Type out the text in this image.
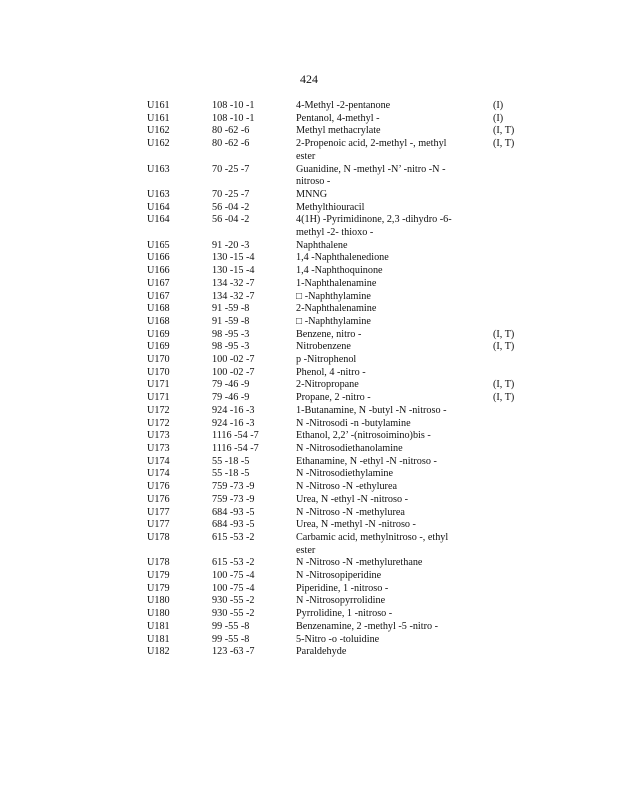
424
U161	108 -10 -1	4-Methyl -2-pentanone	(I)
U161	108 -10 -1	Pentanol, 4-methyl -	(I)
U162	80 -62 -6	Methyl methacrylate	(I, T)
U162	80 -62 -6	2-Propenoic acid, 2-methyl -, methyl ester	(I, T)
U163	70 -25 -7	Guanidine, N -methyl -N’ -nitro -N - nitroso -	
U163	70 -25 -7	MNNG	
U164	56 -04 -2	Methylthiouracil	
U164	56 -04 -2	4(1H) -Pyrimidinone, 2,3 -dihydro -6- methyl -2- thioxo -	
U165	91 -20 -3	Naphthalene	
U166	130 -15 -4	1,4 -Naphthalenedione	
U166	130 -15 -4	1,4 -Naphthoquinone	
U167	134 -32 -7	1-Naphthalenamine	
U167	134 -32 -7	□ -Naphthylamine	
U168	91 -59 -8	2-Naphthalenamine	
U168	91 -59 -8	□ -Naphthylamine	
U169	98 -95 -3	Benzene, nitro -	(I, T)
U169	98 -95 -3	Nitrobenzene	(I, T)
U170	100 -02 -7	p -Nitrophenol	
U170	100 -02 -7	Phenol, 4 -nitro -	
U171	79 -46 -9	2-Nitropropane	(I, T)
U171	79 -46 -9	Propane, 2 -nitro -	(I, T)
U172	924 -16 -3	1-Butanamine, N -butyl -N -nitroso -	
U172	924 -16 -3	N -Nitrosodi -n -butylamine	
U173	1116 -54 -7	Ethanol, 2,2’ -(nitrosoimino)bis -	
U173	1116 -54 -7	N -Nitrosodiethanolamine	
U174	55 -18 -5	Ethanamine, N -ethyl -N -nitroso -	
U174	55 -18 -5	N -Nitrosodiethylamine	
U176	759 -73 -9	N -Nitroso -N -ethylurea	
U176	759 -73 -9	Urea, N -ethyl -N -nitroso -	
U177	684 -93 -5	N -Nitroso -N -methylurea	
U177	684 -93 -5	Urea, N -methyl -N -nitroso -	
U178	615 -53 -2	Carbamic acid, methylnitroso -, ethyl ester	
U178	615 -53 -2	N -Nitroso -N -methylurethane	
U179	100 -75 -4	N -Nitrosopiperidine	
U179	100 -75 -4	Piperidine, 1 -nitroso -	
U180	930 -55 -2	N -Nitrosopyrrolidine	
U180	930 -55 -2	Pyrrolidine, 1 -nitroso -	
U181	99 -55 -8	Benzenamine, 2 -methyl -5 -nitro -	
U181	99 -55 -8	5-Nitro -o -toluidine	
U182	123 -63 -7	Paraldehyde	
